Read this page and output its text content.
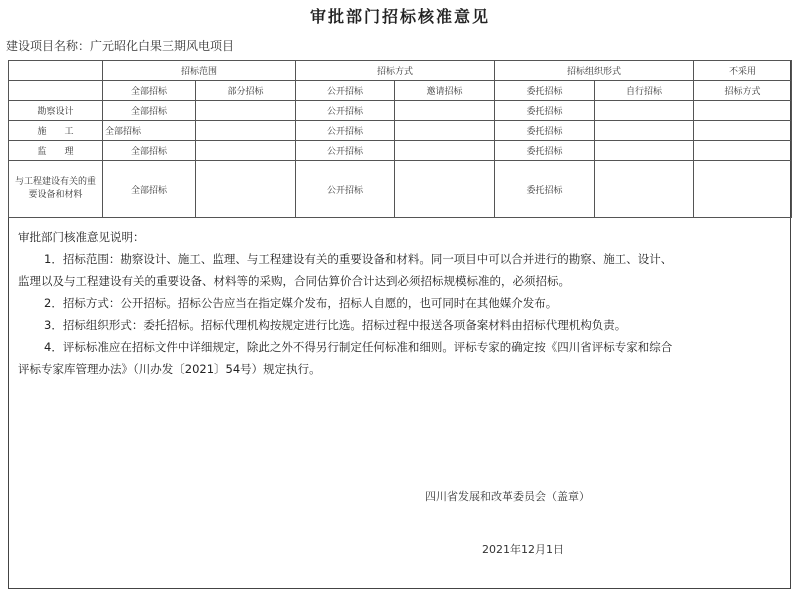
审批部门招标核准意见
建设项目名称：广元昭化白果三期风电项目
	招标范围		招标方式		招标组织形式		不采用
	全部招标	部分招标	公开招标	邀请招标	委托招标	自行招标	招标方式
勘察设计	全部招标		公开招标		委托招标		
施　　工	全部招标		公开招标		委托招标		
监　　理	全部招标		公开招标		委托招标		
与工程建设有关的重要设备和材料	全部招标		公开招标		委托招标		

审批部门核准意见说明：

1．招标范围：勘察设计、施工、监理、与工程建设有关的重要设备和材料。同一项目中可以合并进行的勘察、施工、设计、

监理以及与工程建设有关的重要设备、材料等的采购，合同估算价合计达到必须招标规模标准的，必须招标。

2．招标方式：公开招标。招标公告应当在指定媒介发布，招标人自愿的，也可同时在其他媒介发布。

3．招标组织形式：委托招标。招标代理机构按规定进行比选。招标过程中报送各项备案材料由招标代理机构负责。

4．评标标准应在招标文件中详细规定，除此之外不得另行制定任何标准和细则。评标专家的确定按《四川省评标专家和综合

评标专家库管理办法》（川办发〔2021〕54号）规定执行。

四川省发展和改革委员会（盖章）
2021年12月1日
